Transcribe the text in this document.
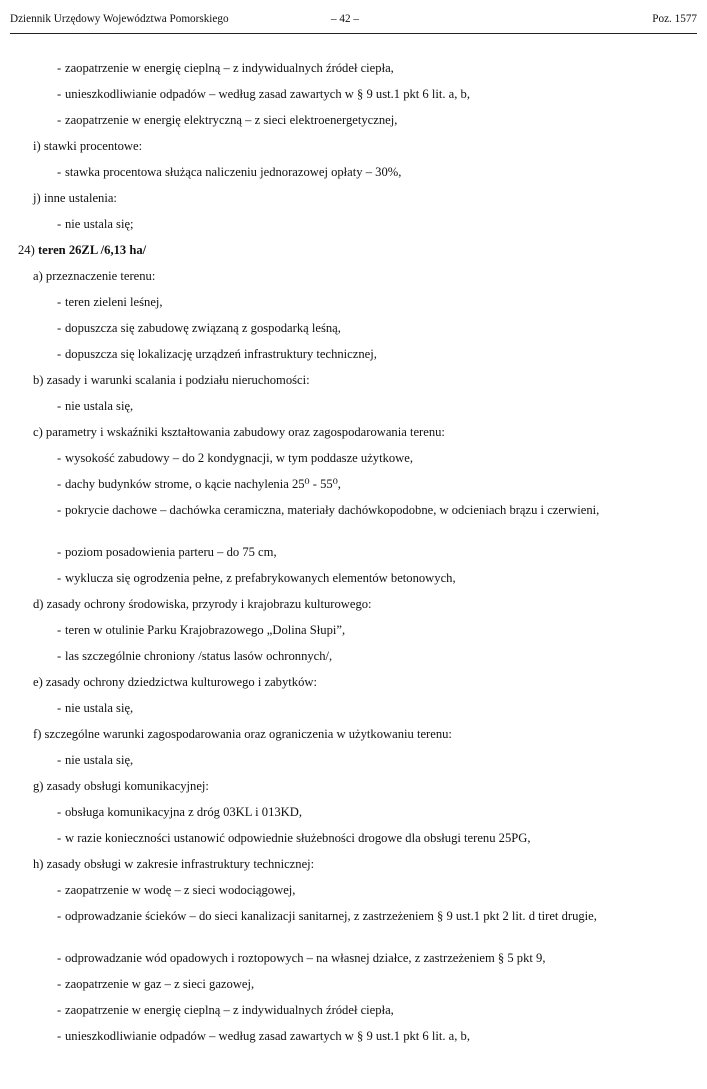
Dziennik Urzędowy Województwa Pomorskiego	– 42 –	Poz. 1577
- zaopatrzenie w energię cieplną – z indywidualnych źródeł ciepła,
- unieszkodliwianie odpadów – według zasad zawartych w § 9 ust.1 pkt 6 lit. a, b,
- zaopatrzenie w energię elektryczną – z sieci elektroenergetycznej,
i) stawki procentowe:
- stawka procentowa służąca naliczeniu jednorazowej opłaty – 30%,
j) inne ustalenia:
- nie ustala się;
24) teren 26ZL /6,13 ha/
a) przeznaczenie terenu:
- teren zieleni leśnej,
- dopuszcza się zabudowę związaną z gospodarką leśną,
- dopuszcza się lokalizację urządzeń infrastruktury technicznej,
b) zasady i warunki scalania i podziału nieruchomości:
- nie ustala się,
c) parametry i wskaźniki kształtowania zabudowy oraz zagospodarowania terenu:
- wysokość zabudowy – do 2 kondygnacji, w tym poddasze użytkowe,
- dachy budynków strome, o kącie nachylenia 25⁰ - 55⁰,
- pokrycie dachowe – dachówka ceramiczna, materiały dachówkopodobne, w odcieniach brązu i czerwieni,
- poziom posadowienia parteru – do 75 cm,
- wyklucza się ogrodzenia pełne, z prefabrykowanych elementów betonowych,
d) zasady ochrony środowiska, przyrody i krajobrazu kulturowego:
- teren w otulinie Parku Krajobrazowego „Dolina Słupi”,
- las szczególnie chroniony /status lasów ochronnych/,
e) zasady ochrony dziedzictwa kulturowego i zabytków:
- nie ustala się,
f) szczególne warunki zagospodarowania oraz ograniczenia w użytkowaniu terenu:
- nie ustala się,
g) zasady obsługi komunikacyjnej:
- obsługa komunikacyjna z dróg 03KL i 013KD,
- w razie konieczności ustanowić odpowiednie służebności drogowe dla obsługi terenu 25PG,
h) zasady obsługi w zakresie infrastruktury technicznej:
- zaopatrzenie w wodę – z sieci wodociągowej,
- odprowadzanie ścieków – do sieci kanalizacji sanitarnej, z zastrzeżeniem § 9 ust.1 pkt 2 lit. d tiret drugie,
- odprowadzanie wód opadowych i roztopowych – na własnej działce, z zastrzeżeniem § 5 pkt 9,
- zaopatrzenie w gaz – z sieci gazowej,
- zaopatrzenie w energię cieplną – z indywidualnych źródeł ciepła,
- unieszkodliwianie odpadów – według zasad zawartych w § 9 ust.1 pkt 6 lit. a, b,
